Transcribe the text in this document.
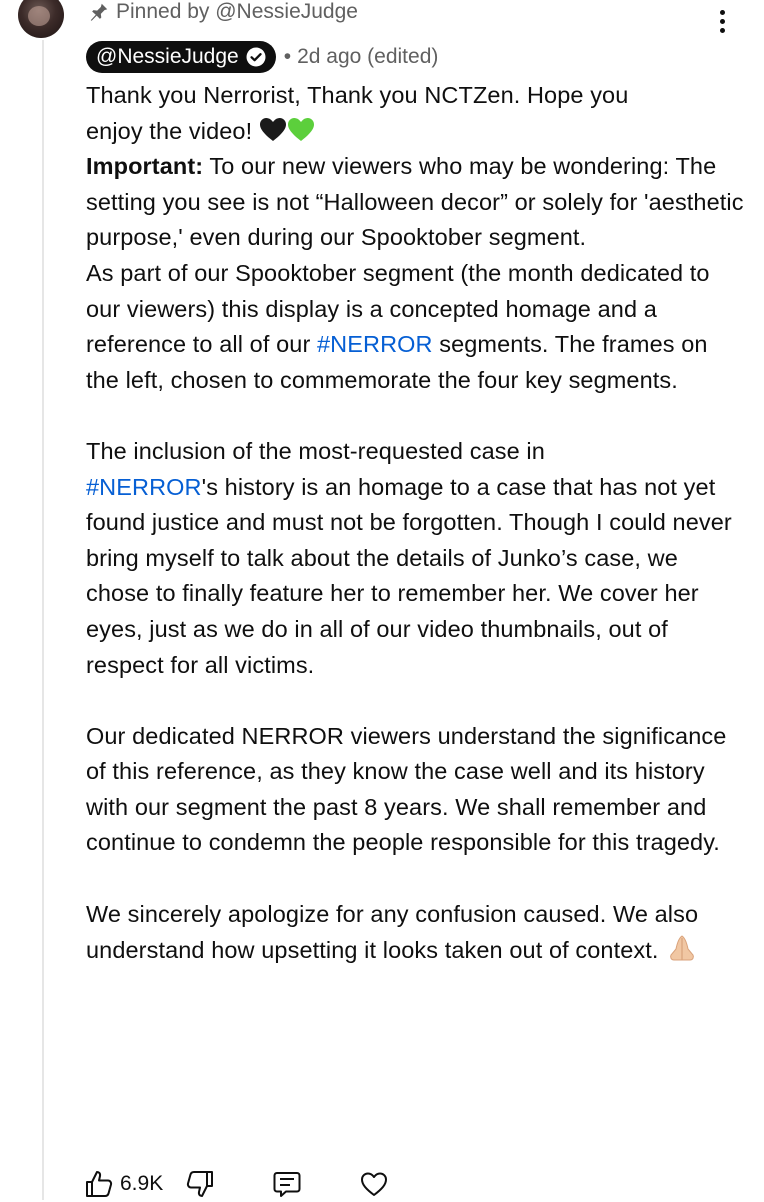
Pinned by @NessieJudge
@NessieJudge • 2d ago (edited)

Thank you Nerrorist, Thank you NCTZen. Hope you
enjoy the video!

Important: To our new viewers who may be wondering: The setting you see is not “Halloween decor” or solely for 'aesthetic purpose,' even during our Spooktober segment.

As part of our Spooktober segment (the month dedicated to our viewers) this display is a concepted homage and a reference to all of our #NERROR segments. The frames on the left, chosen to commemorate the four key segments.

The inclusion of the most-requested case in
#NERROR's history is an homage to a case that has not yet found justice and must not be forgotten. Though I could never bring myself to talk about the details of Junko’s case, we chose to finally feature her to remember her. We cover her eyes, just as we do in all of our video thumbnails, out of respect for all victims.

Our dedicated NERROR viewers understand the significance of this reference, as they know the case well and its history with our segment the past 8 years. We shall remember and continue to condemn the people responsible for this tragedy.

We sincerely apologize for any confusion caused. We also understand how upsetting it looks taken out of context.

6.9K
